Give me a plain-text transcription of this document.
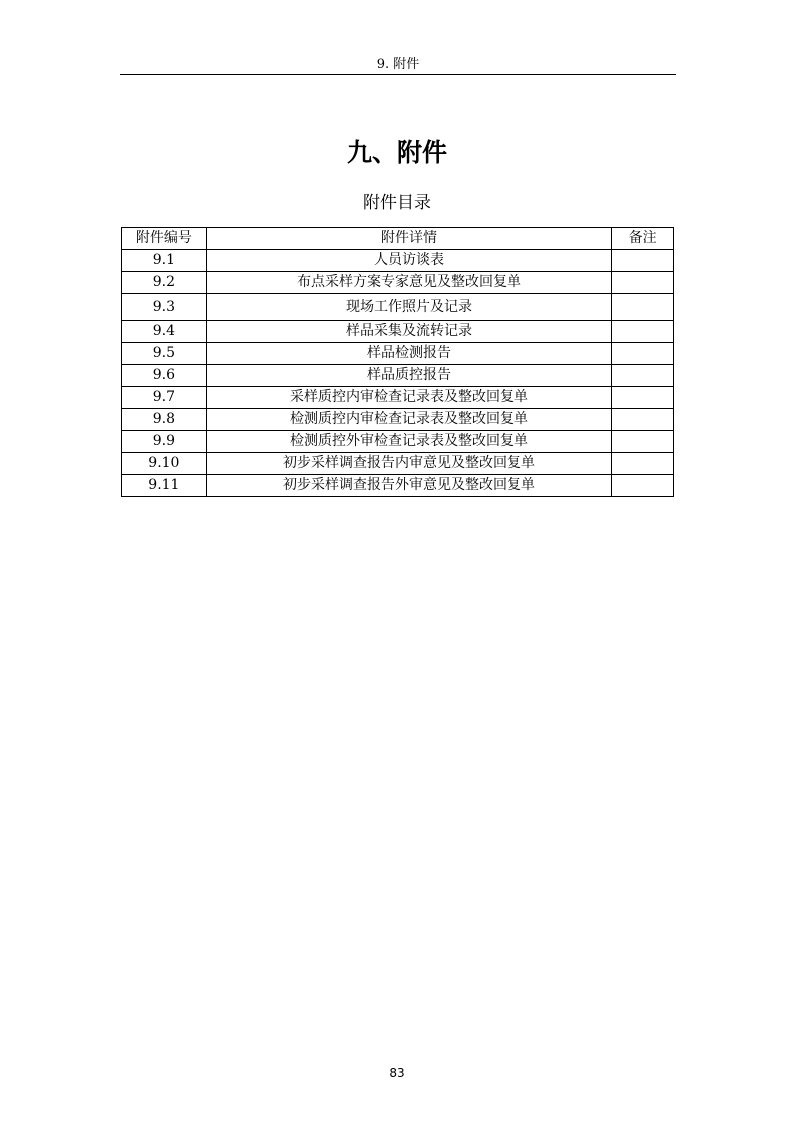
9. 附件
九、附件
附件目录
附件编号	附件详情	备注
9.1	人员访谈表	
9.2	布点采样方案专家意见及整改回复单	
9.3	现场工作照片及记录	
9.4	样品采集及流转记录	
9.5	样品检测报告	
9.6	样品质控报告	
9.7	采样质控内审检查记录表及整改回复单	
9.8	检测质控内审检查记录表及整改回复单	
9.9	检测质控外审检查记录表及整改回复单	
9.10	初步采样调查报告内审意见及整改回复单	
9.11	初步采样调查报告外审意见及整改回复单	
83
